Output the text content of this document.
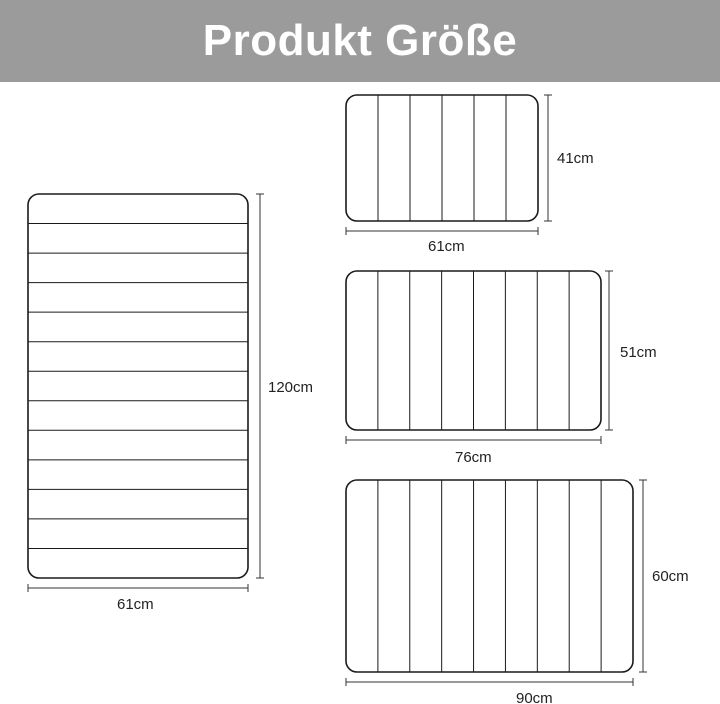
Produkt Größe
120cm
61cm
41cm
61cm
51cm
76cm
60cm
90cm
